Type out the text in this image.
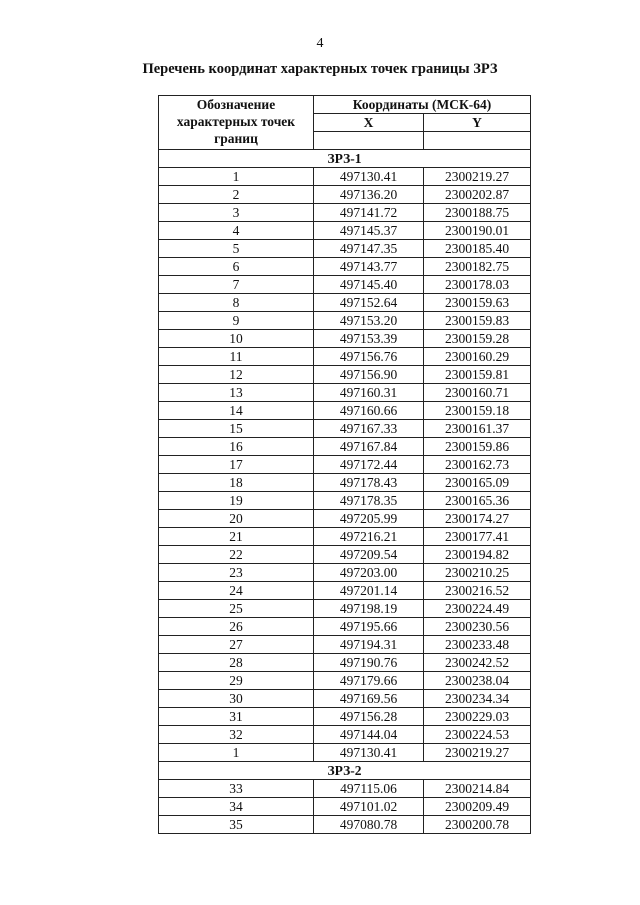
4
Перечень координат характерных точек границы ЗРЗ
Обозначение характерных точек границ	Координаты (МСК-64)	
	X	Y

ЗРЗ-1		
1	497130.41	2300219.27
2	497136.20	2300202.87
3	497141.72	2300188.75
4	497145.37	2300190.01
5	497147.35	2300185.40
6	497143.77	2300182.75
7	497145.40	2300178.03
8	497152.64	2300159.63
9	497153.20	2300159.83
10	497153.39	2300159.28
11	497156.76	2300160.29
12	497156.90	2300159.81
13	497160.31	2300160.71
14	497160.66	2300159.18
15	497167.33	2300161.37
16	497167.84	2300159.86
17	497172.44	2300162.73
18	497178.43	2300165.09
19	497178.35	2300165.36
20	497205.99	2300174.27
21	497216.21	2300177.41
22	497209.54	2300194.82
23	497203.00	2300210.25
24	497201.14	2300216.52
25	497198.19	2300224.49
26	497195.66	2300230.56
27	497194.31	2300233.48
28	497190.76	2300242.52
29	497179.66	2300238.04
30	497169.56	2300234.34
31	497156.28	2300229.03
32	497144.04	2300224.53
1	497130.41	2300219.27
ЗРЗ-2		
33	497115.06	2300214.84
34	497101.02	2300209.49
35	497080.78	2300200.78
